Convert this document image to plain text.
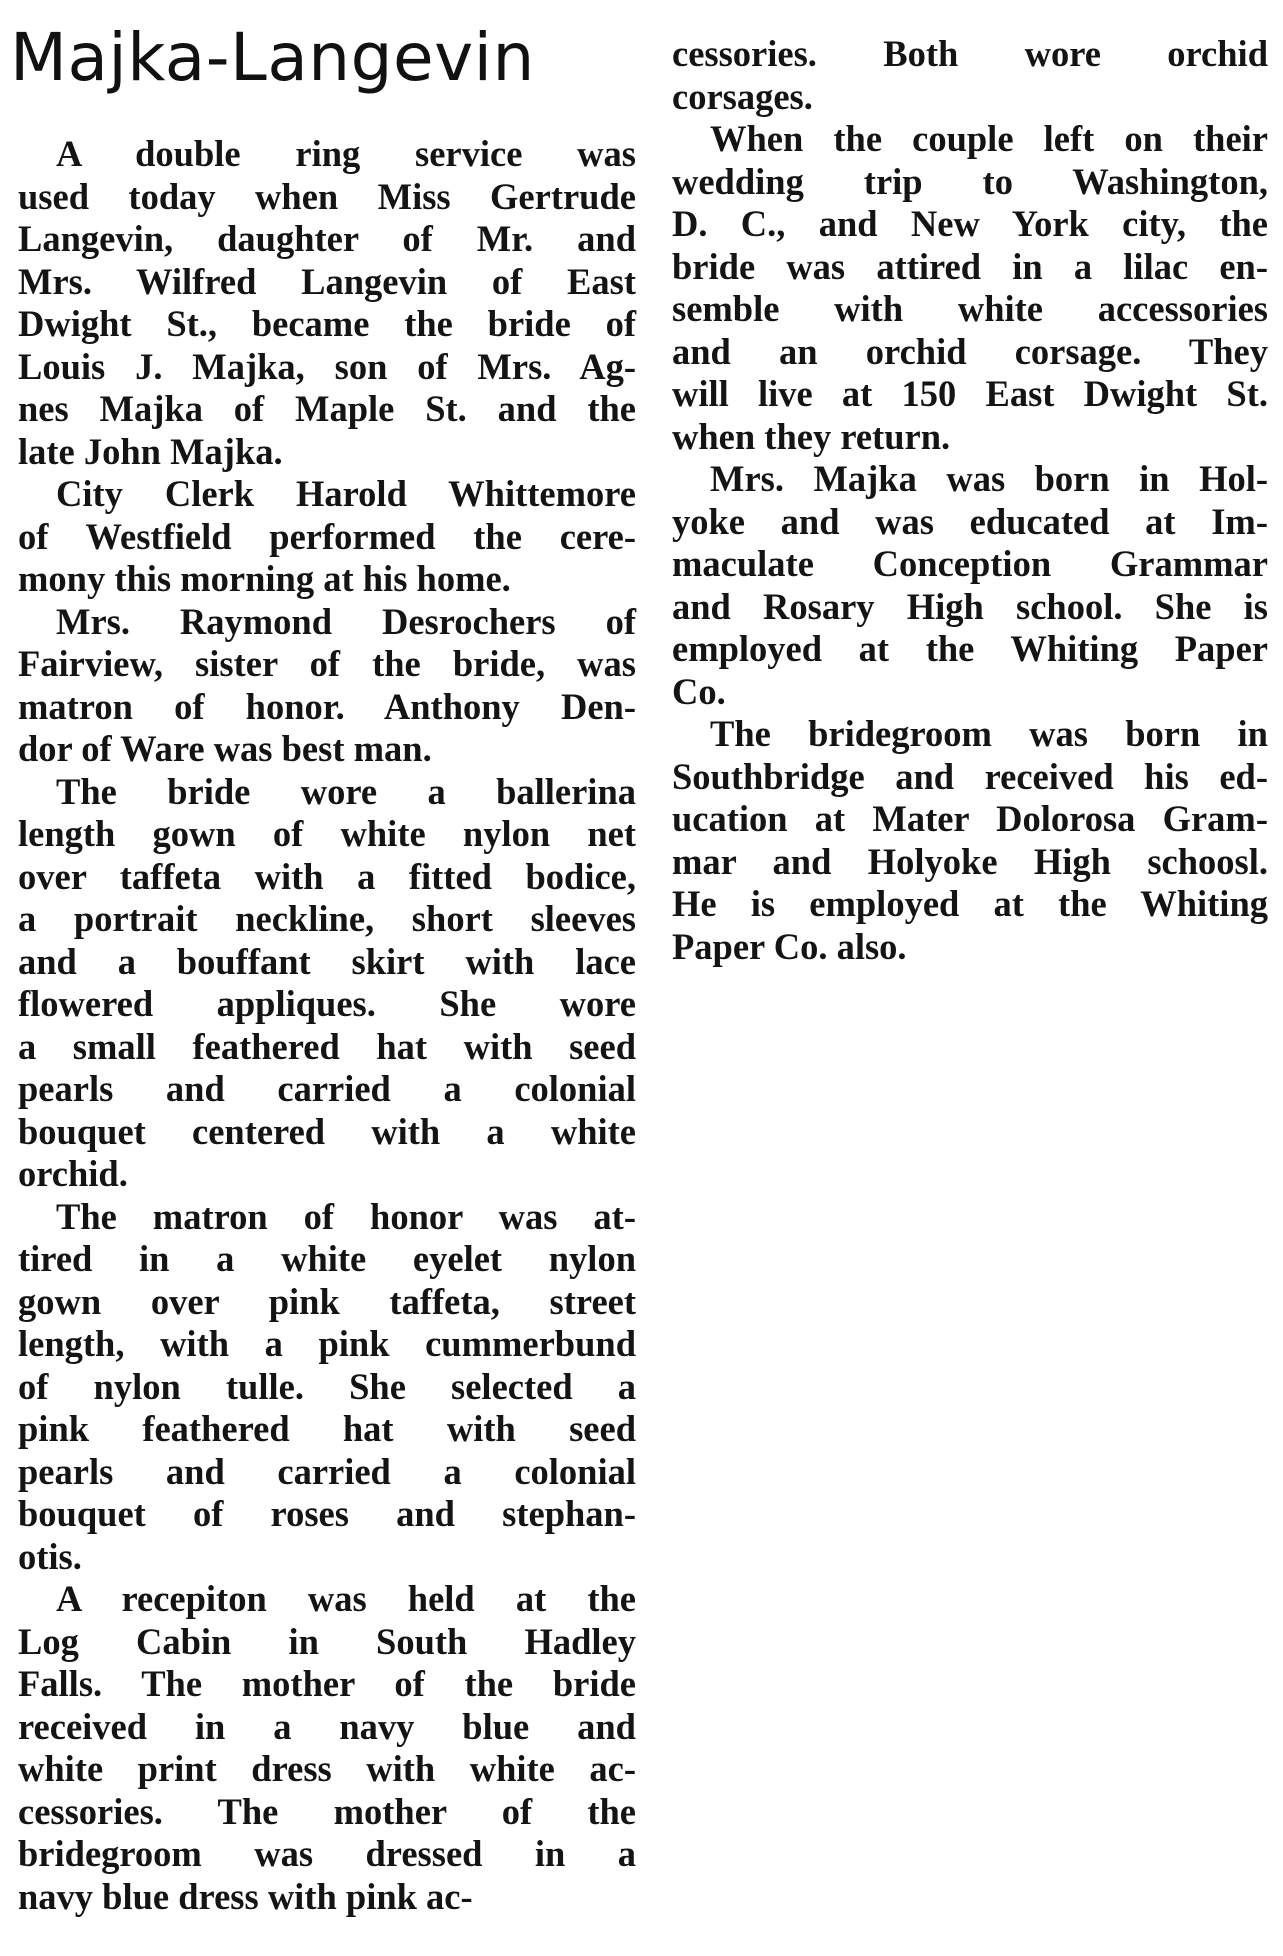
Majka-Langevin

A double ring service was
used today when Miss Gertrude
Langevin, daughter of Mr. and
Mrs. Wilfred Langevin of East
Dwight St., became the bride of
Louis J. Majka, son of Mrs. Ag-
nes Majka of Maple St. and the
late John Majka.

City Clerk Harold Whittemore
of Westfield performed the cere-
mony this morning at his home.

Mrs. Raymond Desrochers of
Fairview, sister of the bride, was
matron of honor. Anthony Den-
dor of Ware was best man.

The bride wore a ballerina
length gown of white nylon net
over taffeta with a fitted bodice,
a portrait neckline, short sleeves
and a bouffant skirt with lace
flowered appliques. She wore
a small feathered hat with seed
pearls and carried a colonial
bouquet centered with a white
orchid.

The matron of honor was at-
tired in a white eyelet nylon
gown over pink taffeta, street
length, with a pink cummerbund
of nylon tulle. She selected a
pink feathered hat with seed
pearls and carried a colonial
bouquet of roses and stephan-
otis.

A recepiton was held at the
Log Cabin in South Hadley
Falls. The mother of the bride
received in a navy blue and
white print dress with white ac-
cessories. The mother of the
bridegroom was dressed in a
navy blue dress with pink ac-

cessories. Both wore orchid
corsages.

When the couple left on their
wedding trip to Washington,
D. C., and New York city, the
bride was attired in a lilac en-
semble with white accessories
and an orchid corsage. They
will live at 150 East Dwight St.
when they return.

Mrs. Majka was born in Hol-
yoke and was educated at Im-
maculate Conception Grammar
and Rosary High school. She is
employed at the Whiting Paper
Co.

The bridegroom was born in
Southbridge and received his ed-
ucation at Mater Dolorosa Gram-
mar and Holyoke High schoosl.
He is employed at the Whiting
Paper Co. also.
